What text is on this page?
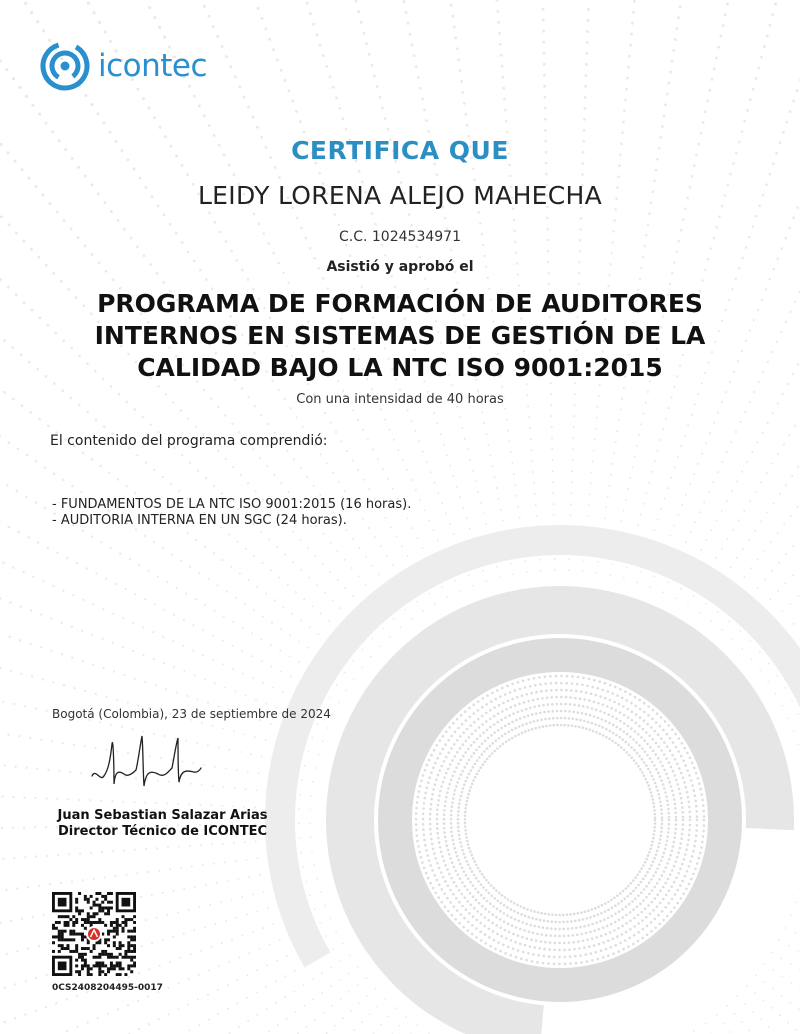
icontec
CERTIFICA QUE
LEIDY LORENA ALEJO MAHECHA
C.C. 1024534971
Asistió y aprobó el
PROGRAMA DE FORMACIÓN DE AUDITORES
INTERNOS EN SISTEMAS DE GESTIÓN DE LA
CALIDAD BAJO LA NTC ISO 9001:2015
Con una intensidad de 40 horas
El contenido del programa comprendió:
- FUNDAMENTOS DE LA NTC ISO 9001:2015 (16 horas).
- AUDITORIA INTERNA EN UN SGC (24 horas).
Bogotá (Colombia), 23 de septiembre de 2024
Juan Sebastian Salazar Arias
Director Técnico de ICONTEC
0CS2408204495-0017
